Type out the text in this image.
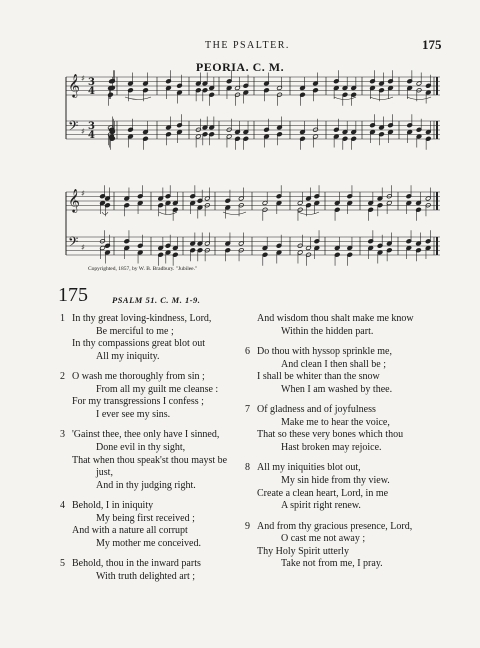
THE PSALTER.	175
PEORIA. C. M.
𝄞
𝄢
♯
♯
3
4
3
4
𝄞
𝄢
♯
♯
Copyrighted, 1857, by W. B. Bradbury. "Jubilee."
175	PSALM 51. C. M. 1-9.
1 In thy great loving-kindness, Lord,
Be merciful to me ;
In thy compassions great blot out
All my iniquity.
2 O wash me thoroughly from sin ;
From all my guilt me cleanse :
For my transgressions I confess ;
I ever see my sins.
3 'Gainst thee, thee only have I sinned,
Done evil in thy sight,
That when thou speak'st thou mayst be
just,
And in thy judging right.
4 Behold, I in iniquity
My being first received ;
And with a nature all corrupt
My mother me conceived.
5 Behold, thou in the inward parts
With truth delighted art ;
And wisdom thou shalt make me know
Within the hidden part.
6 Do thou with hyssop sprinkle me,
And clean I then shall be ;
I shall be whiter than the snow
When I am washed by thee.
7 Of gladness and of joyfulness
Make me to hear the voice,
That so these very bones which thou
Hast broken may rejoice.
8 All my iniquities blot out,
My sin hide from thy view.
Create a clean heart, Lord, in me
A spirit right renew.
9 And from thy gracious presence, Lord,
O cast me not away ;
Thy Holy Spirit utterly
Take not from me, I pray.
